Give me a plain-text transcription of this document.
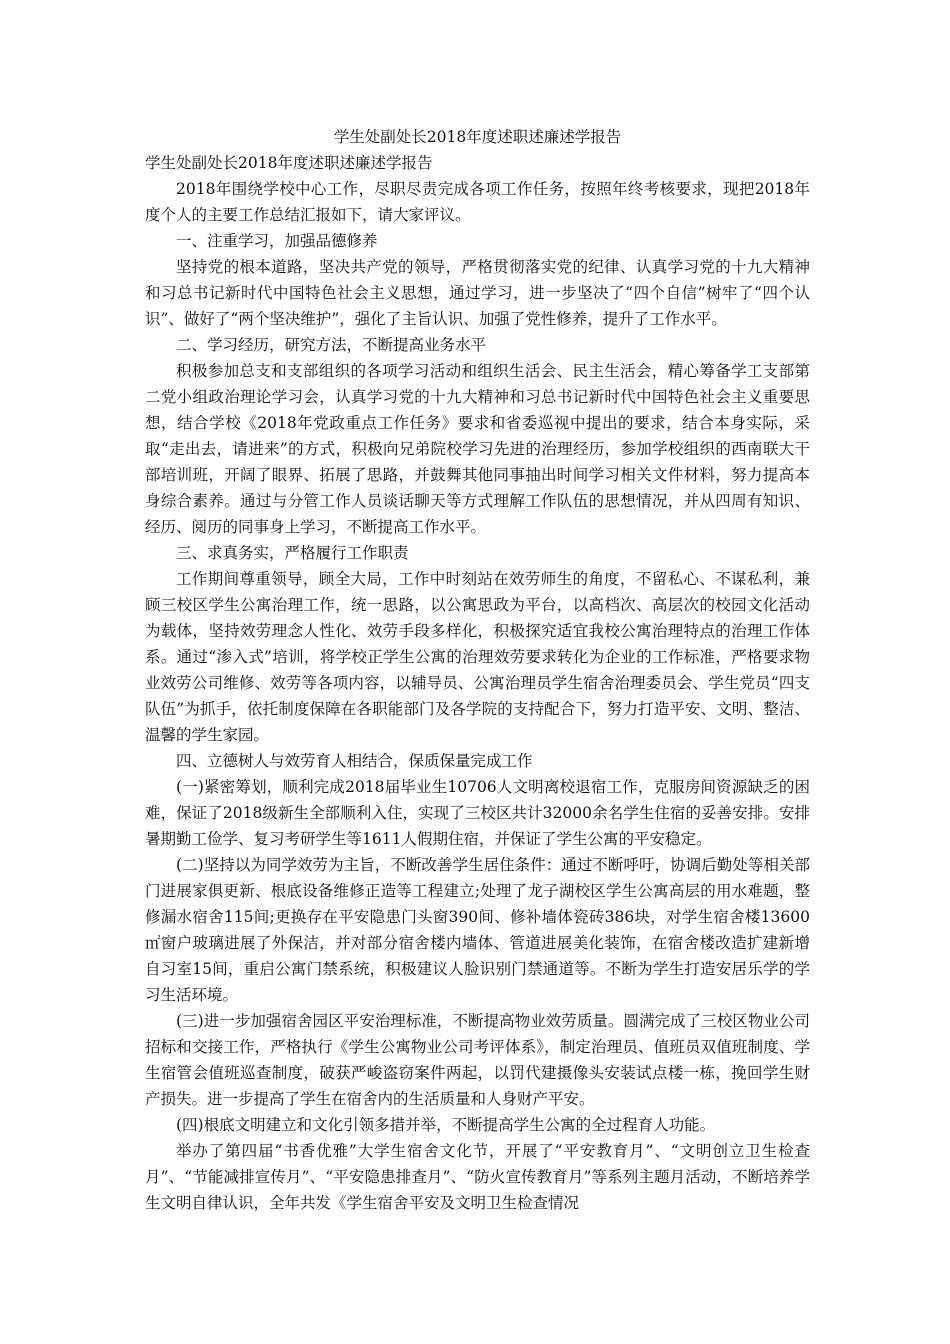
学生处副处长2018年度述职述廉述学报告

学生处副处长2018年度述职述廉述学报告

2018年围绕学校中心工作，尽职尽责完成各项工作任务，按照年终考核要求，现把2018年度个人的主要工作总结汇报如下，请大家评议。

一、注重学习，加强品德修养

坚持党的根本道路，坚决共产党的领导，严格贯彻落实党的纪律、认真学习党的十九大精神和习总书记新时代中国特色社会主义思想，通过学习，进一步坚决了“四个自信”树牢了“四个认识”、做好了“两个坚决维护”，强化了主旨认识、加强了党性修养，提升了工作水平。

二、学习经历，研究方法，不断提高业务水平

积极参加总支和支部组织的各项学习活动和组织生活会、民主生活会，精心筹备学工支部第二党小组政治理论学习会，认真学习党的十九大精神和习总书记新时代中国特色社会主义重要思想，结合学校《2018年党政重点工作任务》要求和省委巡视中提出的要求，结合本身实际，采取“走出去，请进来”的方式，积极向兄弟院校学习先进的治理经历，参加学校组织的西南联大干部培训班，开阔了眼界、拓展了思路，并鼓舞其他同事抽出时间学习相关文件材料，努力提高本身综合素养。通过与分管工作人员谈话聊天等方式理解工作队伍的思想情况，并从四周有知识、经历、阅历的同事身上学习，不断提高工作水平。

三、求真务实，严格履行工作职责

工作期间尊重领导，顾全大局，工作中时刻站在效劳师生的角度，不留私心、不谋私利，兼顾三校区学生公寓治理工作，统一思路，以公寓思政为平台，以高档次、高层次的校园文化活动为载体，坚持效劳理念人性化、效劳手段多样化，积极探究适宜我校公寓治理特点的治理工作体系。通过“渗入式”培训，将学校正学生公寓的治理效劳要求转化为企业的工作标准，严格要求物业效劳公司维修、效劳等各项内容，以辅导员、公寓治理员学生宿舍治理委员会、学生党员“四支队伍”为抓手，依托制度保障在各职能部门及各学院的支持配合下，努力打造平安、文明、整洁、温馨的学生家园。

四、立德树人与效劳育人相结合，保质保量完成工作

(一)紧密筹划，顺利完成2018届毕业生10706人文明离校退宿工作，克服房间资源缺乏的困难，保证了2018级新生全部顺利入住，实现了三校区共计32000余名学生住宿的妥善安排。安排暑期勤工俭学、复习考研学生等1611人假期住宿，并保证了学生公寓的平安稳定。

(二)坚持以为同学效劳为主旨，不断改善学生居住条件：通过不断呼吁，协调后勤处等相关部门进展家俱更新、根底设备维修正造等工程建立;处理了龙子湖校区学生公寓高层的用水难题，整修漏水宿舍115间;更换存在平安隐患门头窗390间、修补墙体瓷砖386块，对学生宿舍楼13600㎡窗户玻璃进展了外保洁，并对部分宿舍楼内墙体、管道进展美化装饰，在宿舍楼改造扩建新增自习室15间，重启公寓门禁系统，积极建议人脸识别门禁通道等。不断为学生打造安居乐学的学习生活环境。

(三)进一步加强宿舍园区平安治理标准，不断提高物业效劳质量。圆满完成了三校区物业公司招标和交接工作，严格执行《学生公寓物业公司考评体系》，制定治理员、值班员双值班制度、学生宿管会值班巡查制度，破获严峻盗窃案件两起，以罚代建摄像头安装试点楼一栋，挽回学生财产损失。进一步提高了学生在宿舍内的生活质量和人身财产平安。

(四)根底文明建立和文化引领多措并举，不断提高学生公寓的全过程育人功能。

举办了第四届“书香优雅”大学生宿舍文化节，开展了“平安教育月”、“文明创立卫生检查月”、“节能减排宣传月”、“平安隐患排查月”、“防火宣传教育月”等系列主题月活动，不断培养学生文明自律认识，全年共发《学生宿舍平安及文明卫生检查情况
